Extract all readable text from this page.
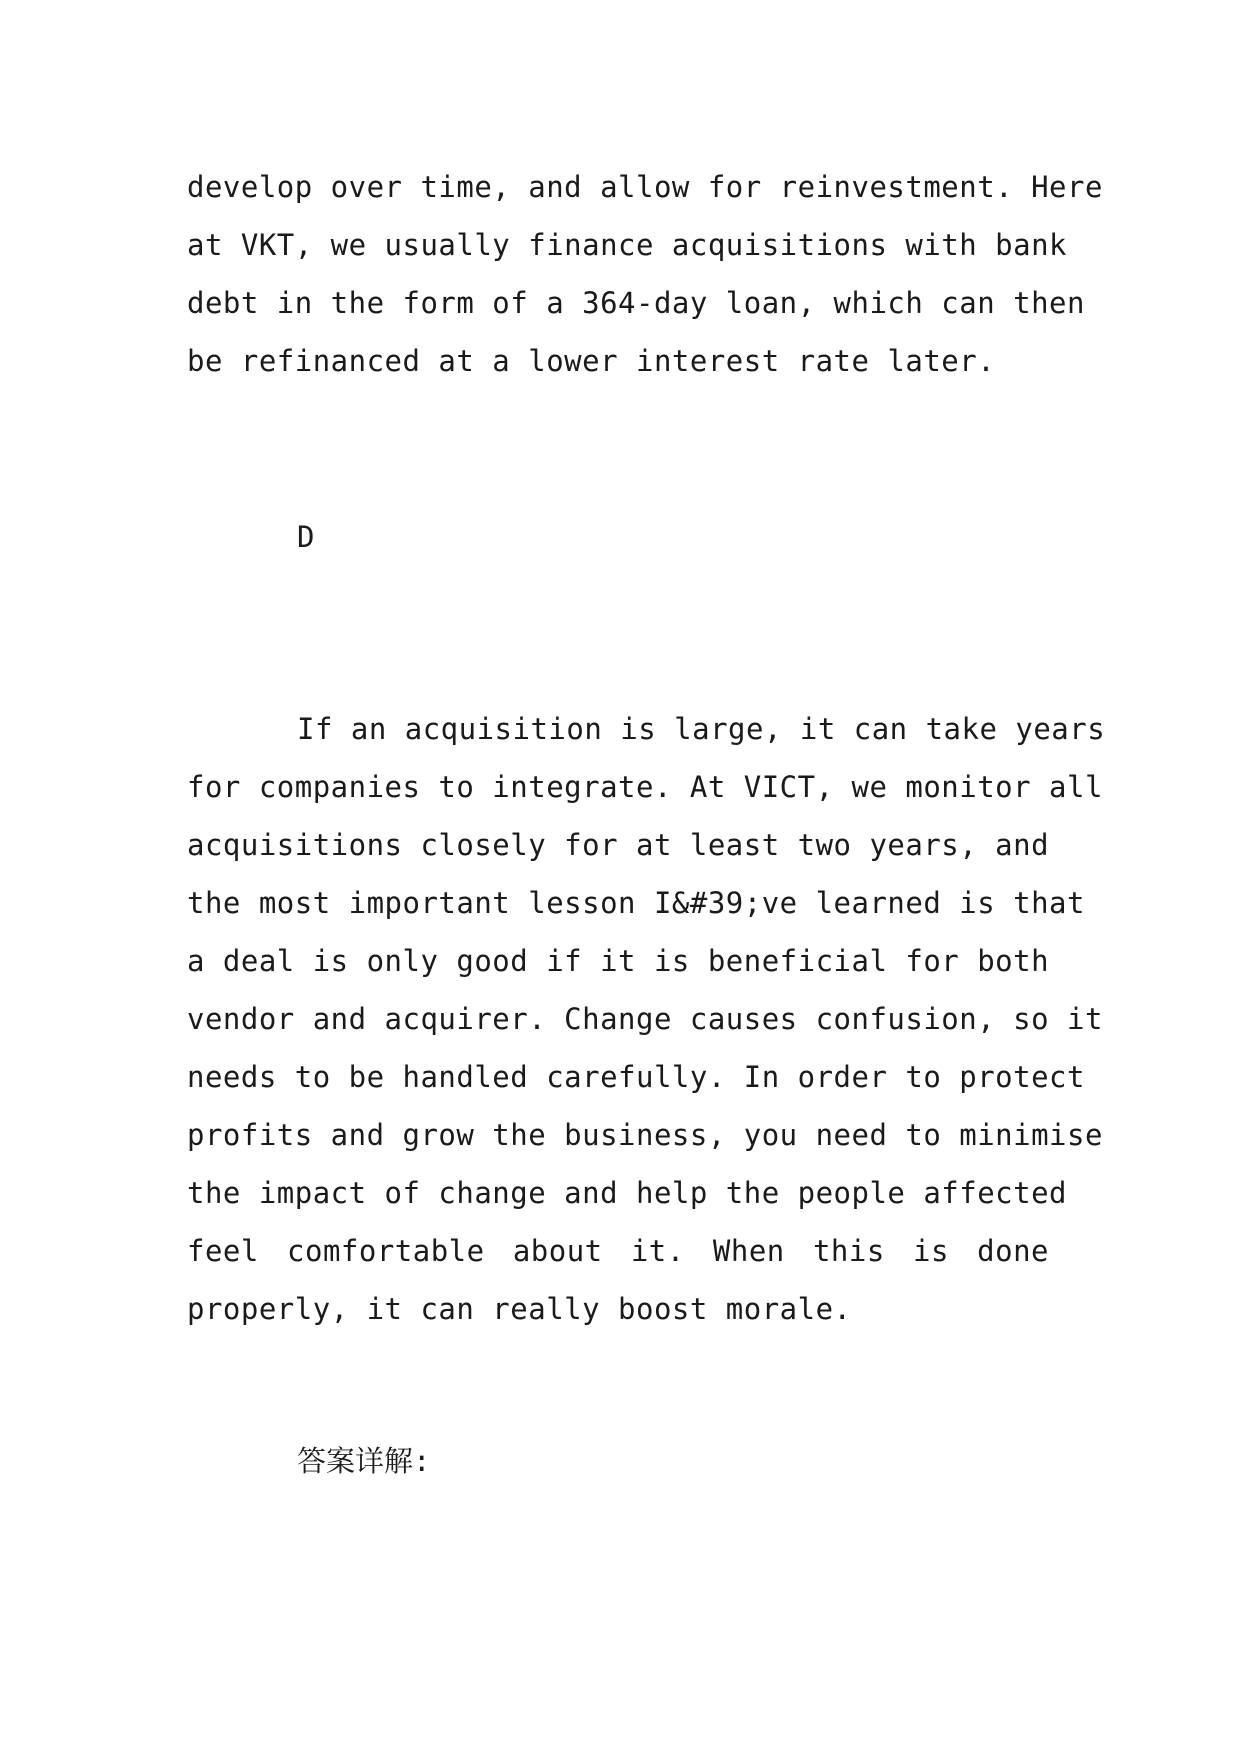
develop over time, and allow for reinvestment. Here
at VKT, we usually finance acquisitions with bank
debt in the form of a 364-day loan, which can then
be refinanced at a lower interest rate later.

D

If an acquisition is large, it can take years
for companies to integrate. At VICT, we monitor all
acquisitions closely for at least two years, and
the most important lesson I&#39;ve learned is that
a deal is only good if it is beneficial for both
vendor and acquirer. Change causes confusion, so it
needs to be handled carefully. In order to protect
profits and grow the business, you need to minimise
the impact of change and help the people affected
feel comfortable about it. When this is done
properly, it can really boost morale.

答案详解:
